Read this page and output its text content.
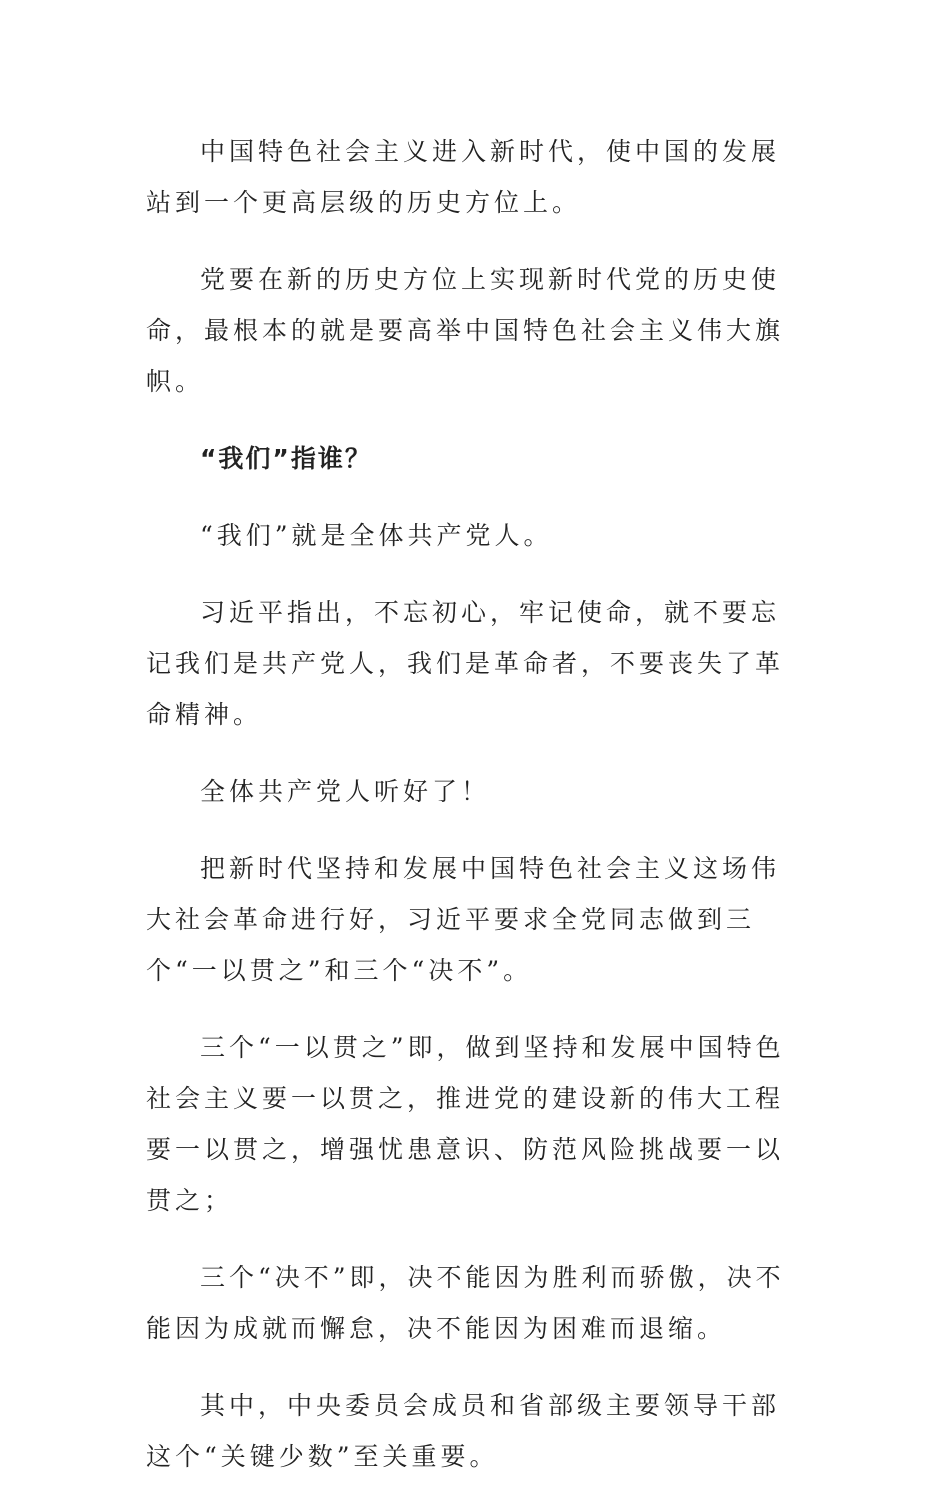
中国特色社会主义进入新时代，使中国的发展站到一个更高层级的历史方位上。

党要在新的历史方位上实现新时代党的历史使命，最根本的就是要高举中国特色社会主义伟大旗帜。

“我们”指谁？

“我们”就是全体共产党人。

习近平指出，不忘初心，牢记使命，就不要忘记我们是共产党人，我们是革命者，不要丧失了革命精神。

全体共产党人听好了！

把新时代坚持和发展中国特色社会主义这场伟大社会革命进行好，习近平要求全党同志做到三个“一以贯之”和三个“决不”。

三个“一以贯之”即，做到坚持和发展中国特色社会主义要一以贯之，推进党的建设新的伟大工程要一以贯之，增强忧患意识、防范风险挑战要一以贯之；

三个“决不”即，决不能因为胜利而骄傲，决不能因为成就而懈怠，决不能因为困难而退缩。

其中，中央委员会成员和省部级主要领导干部这个“关键少数”至关重要。
